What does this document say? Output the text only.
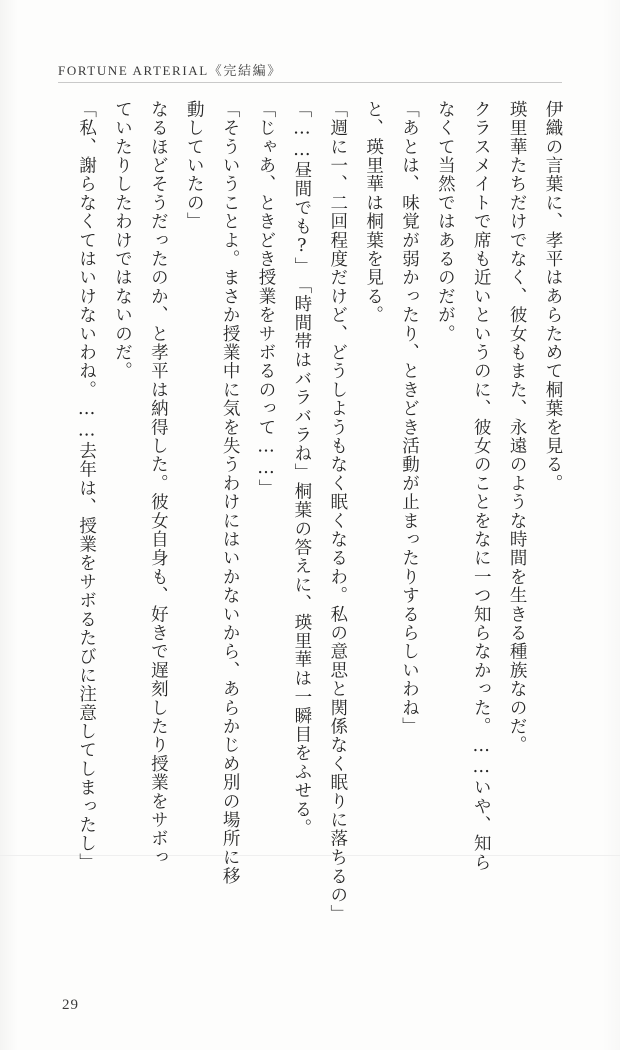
FORTUNE ARTERIAL《完結編》
伊織の言葉に、孝平はあらためて桐葉を見る。
瑛里華たちだけでなく、彼女もまた、永遠のような時間を生きる種族なのだ。
クラスメイトで席も近いというのに、彼女のことをなに一つ知らなかった。……いや、知ら
なくて当然ではあるのだが。
「あとは、味覚が弱かったり、ときどき活動が止まったりするらしいわね」
と、瑛里華は桐葉を見る。
「週に一、二回程度だけど、どうしようもなく眠くなるわ。私の意思と関係なく眠りに落ち
るの」
「……昼間でも?」
「時間帯はバラバラね」
桐葉の答えに、瑛里華は一瞬目をふせる。
「じゃあ、ときどき授業をサボるのって……」
「そういうことよ。まさか授業中に気を失うわけにはいかないから、あらかじめ別の場所に移
動していたの」
なるほどそうだったのか、と孝平は納得した。彼女自身も、好きで遅刻したり授業をサボっ
ていたりしたわけではないのだ。
「私、謝らなくてはいけないわね。……去年は、授業をサボるたびに注意してしまったし」
29
